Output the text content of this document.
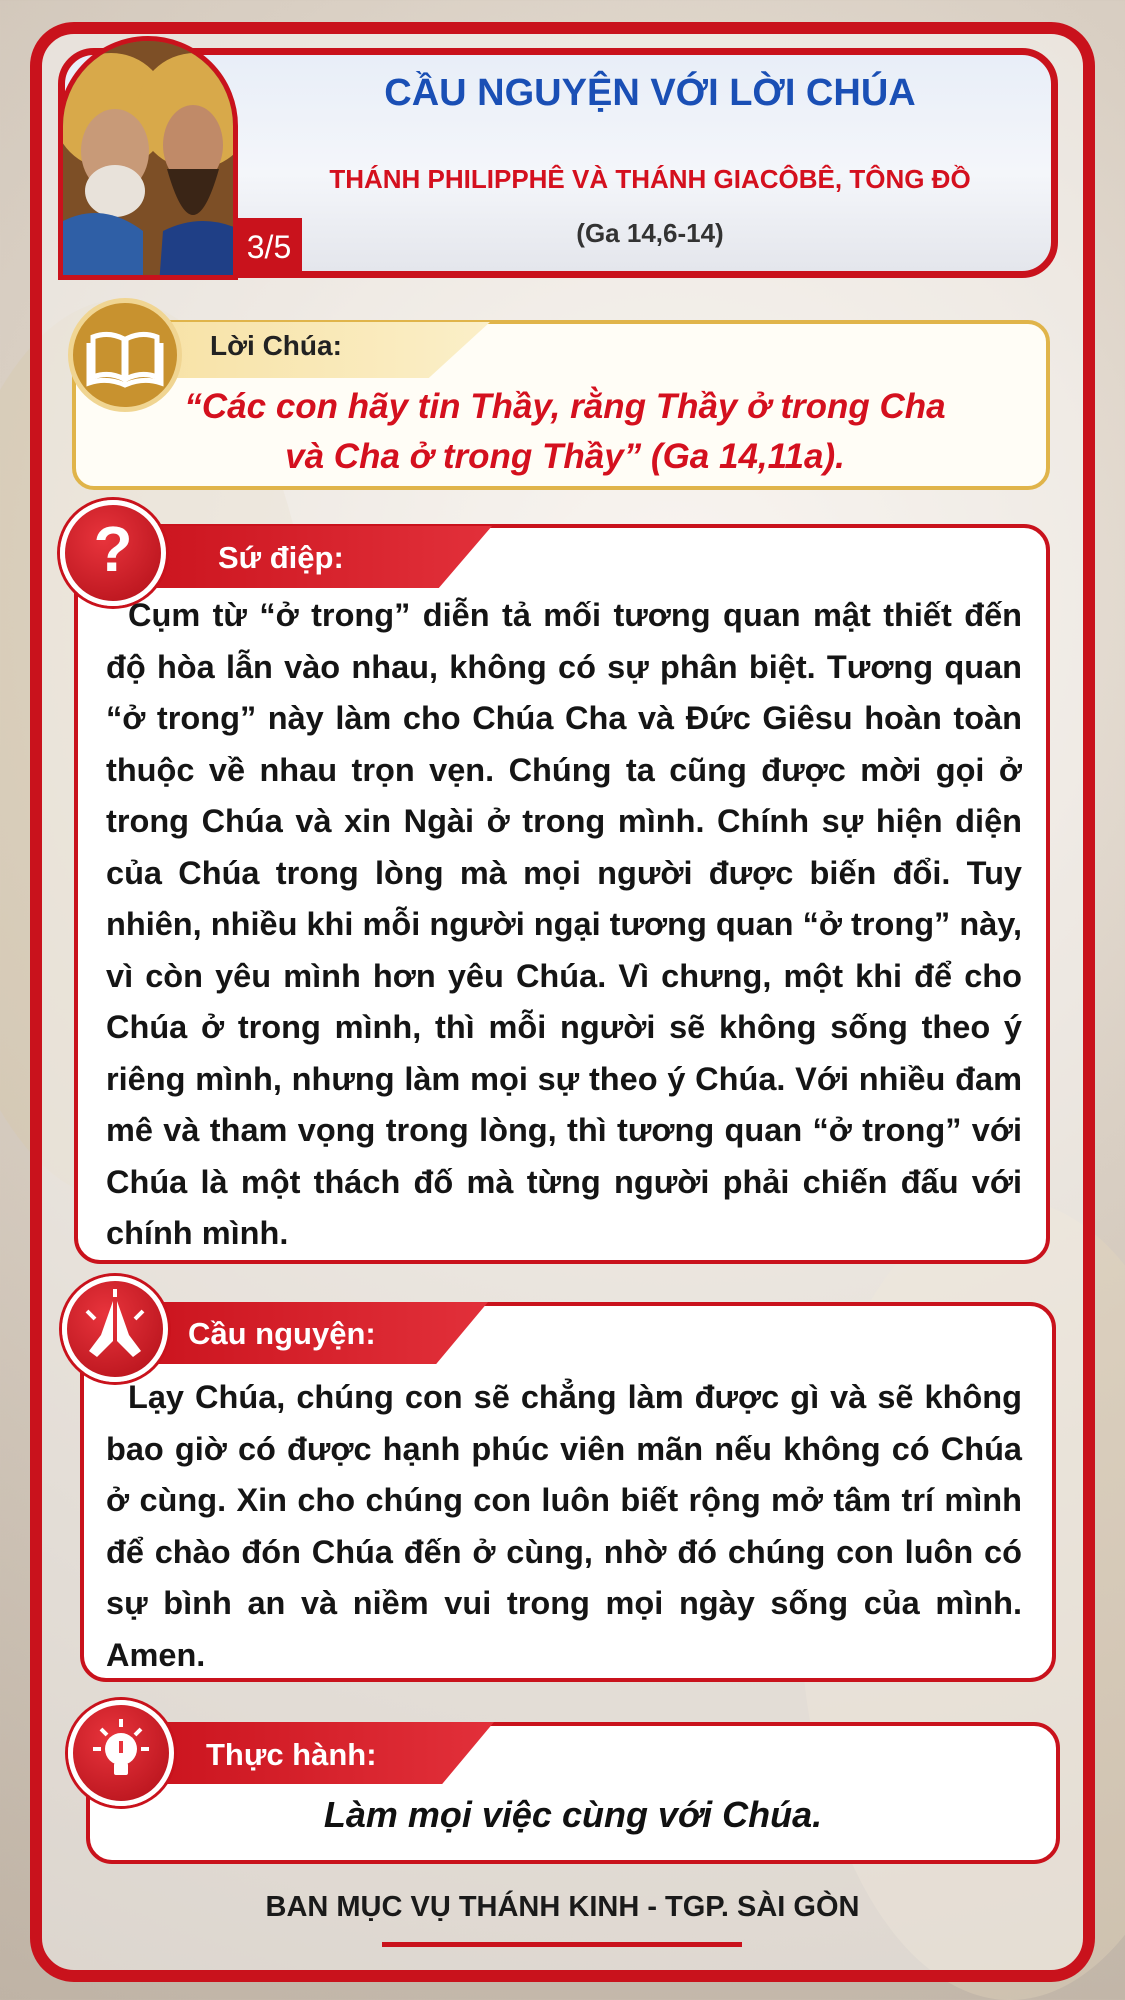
3/5
CẦU NGUYỆN VỚI LỜI CHÚA
THÁNH PHILIPPHÊ VÀ THÁNH GIACÔBÊ, TÔNG ĐỒ
(Ga 14,6-14)
Lời Chúa:
“Các con hãy tin Thầy, rằng Thầy ở trong Cha
và Cha ở trong Thầy” (Ga 14,11a).
?	Sứ điệp:
Cụm từ “ở trong” diễn tả mối tương quan mật thiết đến độ hòa lẫn vào nhau, không có sự phân biệt. Tương quan “ở trong” này làm cho Chúa Cha và Đức Giêsu hoàn toàn thuộc về nhau trọn vẹn. Chúng ta cũng được mời gọi ở trong Chúa và xin Ngài ở trong mình. Chính sự hiện diện của Chúa trong lòng mà mọi người được biến đổi. Tuy nhiên, nhiều khi mỗi người ngại tương quan “ở trong” này, vì còn yêu mình hơn yêu Chúa. Vì chưng, một khi để cho Chúa ở trong mình, thì mỗi người sẽ không sống theo ý riêng mình, nhưng làm mọi sự theo ý Chúa. Với nhiều đam mê và tham vọng trong lòng, thì tương quan “ở trong” với Chúa là một thách đố mà từng người phải chiến đấu với chính mình.
Cầu nguyện:
Lạy Chúa, chúng con sẽ chẳng làm được gì và sẽ không bao giờ có được hạnh phúc viên mãn nếu không có Chúa ở cùng. Xin cho chúng con luôn biết rộng mở tâm trí mình để chào đón Chúa đến ở cùng, nhờ đó chúng con luôn có sự bình an và niềm vui trong mọi ngày sống của mình. Amen.
Thực hành:
Làm mọi việc cùng với Chúa.
BAN MỤC VỤ THÁNH KINH - TGP. SÀI GÒN
